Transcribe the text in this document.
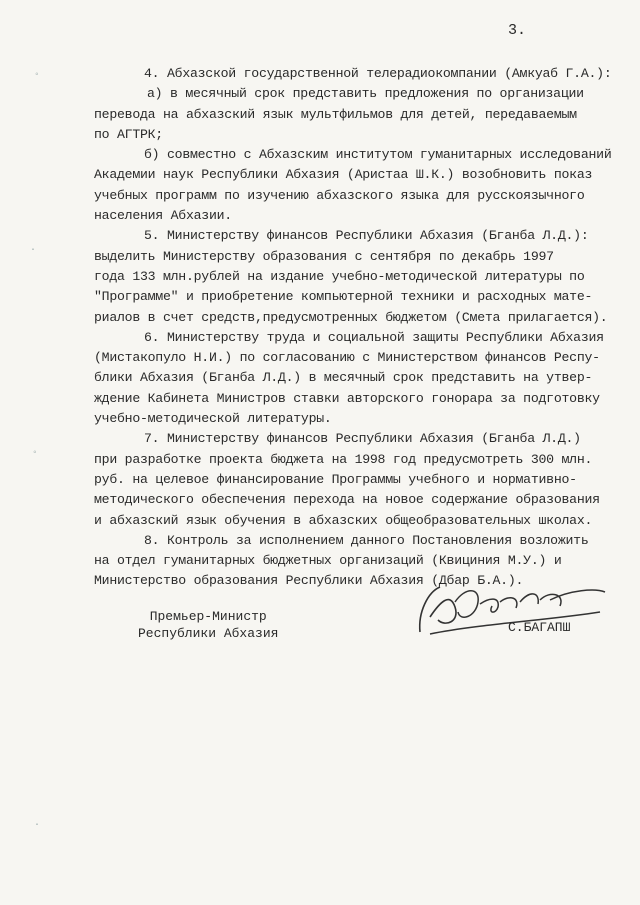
3.
4. Абхазской государственной телерадиокомпании (Амкуаб Г.А.):
а) в месячный срок представить предложения по организации
перевода на абхазский язык мультфильмов для детей, передаваемым
по АГТРК;
б) совместно с Абхазским институтом гуманитарных исследований
Академии наук Республики Абхазия (Аристаа Ш.К.) возобновить показ
учебных программ по изучению абхазского языка для русскоязычного
населения Абхазии.
5. Министерству финансов Республики Абхазия (Бганба Л.Д.):
выделить Министерству образования с сентября по декабрь 1997
года 133 млн.рублей на издание учебно-методической литературы по
"Программе" и приобретение компьютерной техники и расходных мате-
риалов в счет средств,предусмотренных бюджетом (Смета прилагается).
6. Министерству труда и социальной защиты Республики Абхазия
(Мистакопуло Н.И.) по согласованию с Министерством финансов Респу-
блики Абхазия (Бганба Л.Д.) в месячный срок представить на утвер-
ждение Кабинета Министров ставки авторского гонорара за подготовку
учебно-методической литературы.
7. Министерству финансов Республики Абхазия (Бганба Л.Д.)
при разработке проекта бюджета на 1998 год предусмотреть 300 млн.
руб. на целевое финансирование Программы учебного и нормативно-
методического обеспечения перехода на новое содержание образования
и абхазский язык обучения в абхазских общеобразовательных школах.
8. Контроль за исполнением данного Постановления возложить
на отдел гуманитарных бюджетных организаций (Квициния М.У.) и
Министерство образования Республики Абхазия (Дбар Б.А.).
Премьер-Министр
Республики Абхазия	С.БАГАПШ
◦
·
◦
·
